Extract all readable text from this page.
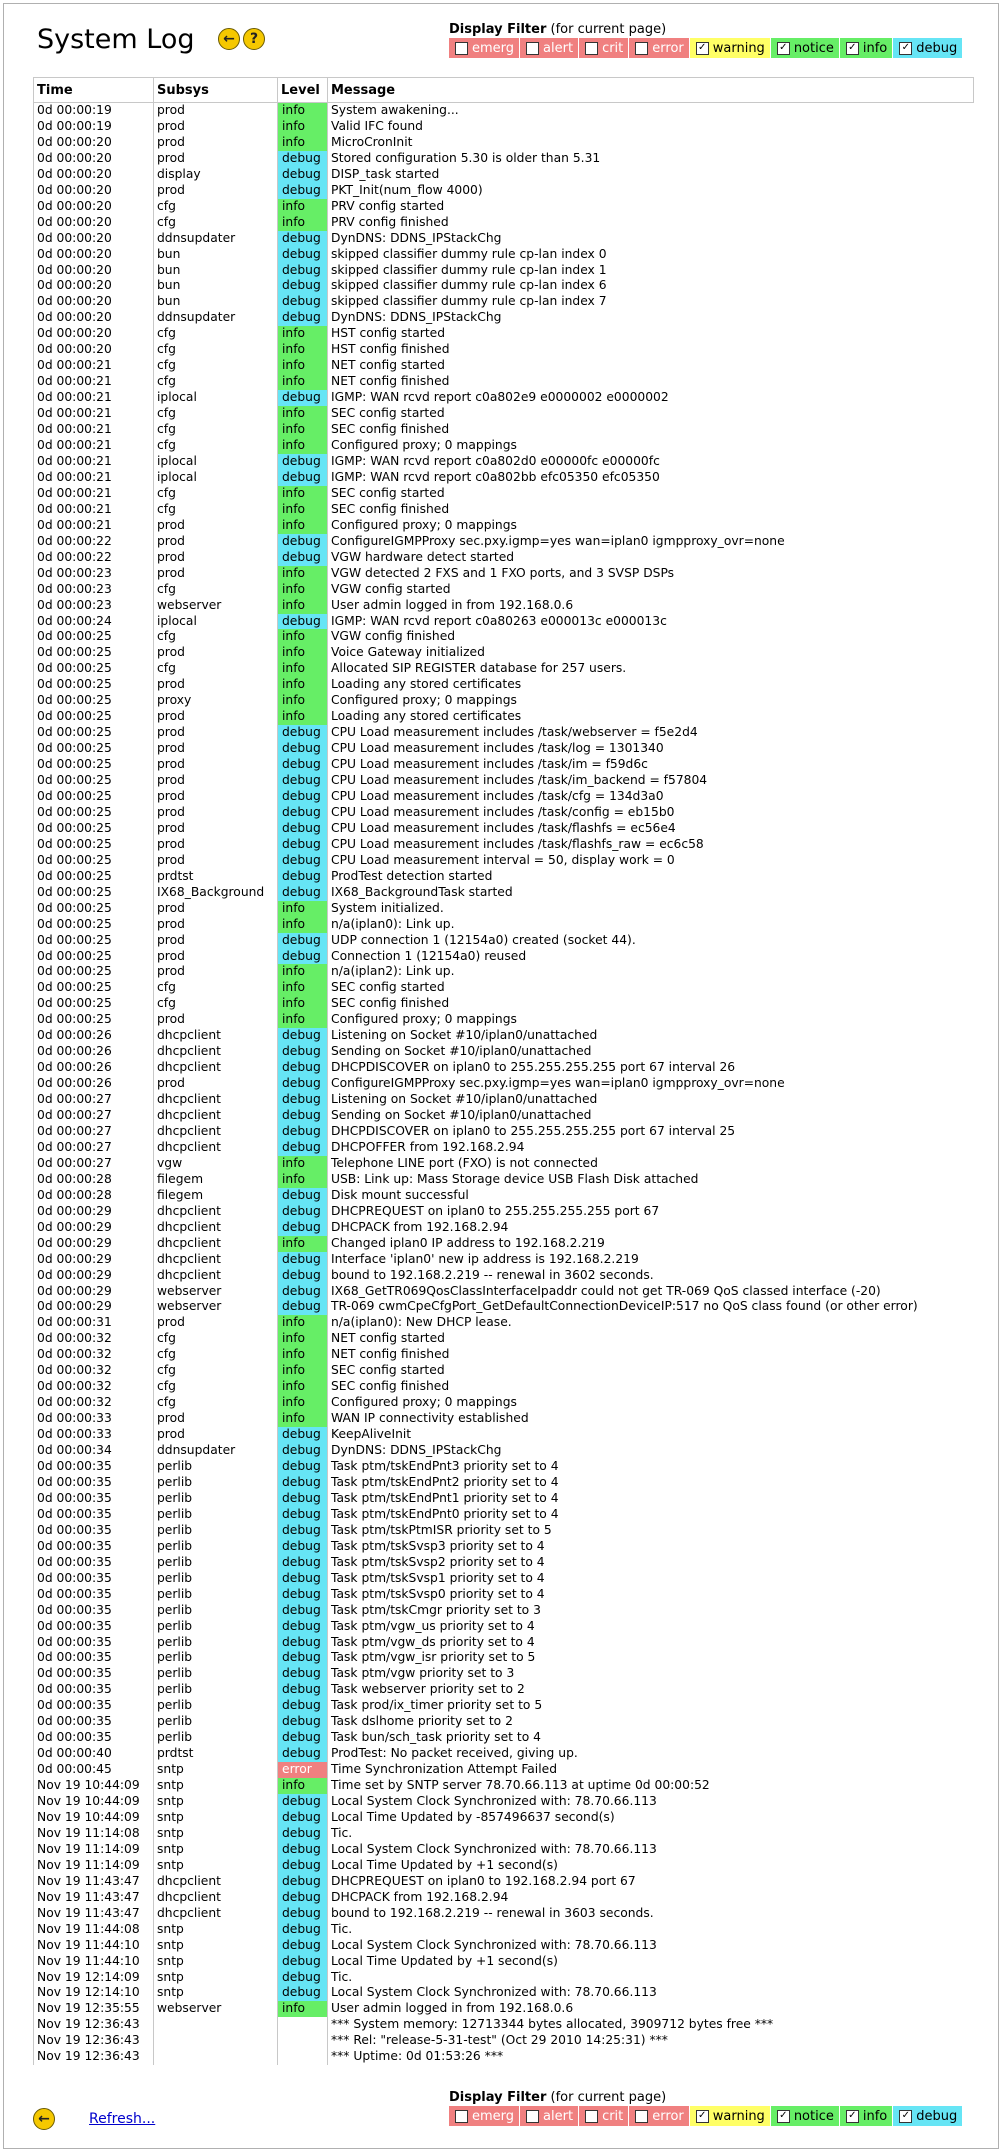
System Log	←	?
Display Filter (for current page)
✓ emerg ✓ alert ✓ crit ✓ error ✓ warning ✓ notice ✓ info ✓ debug
Time	Subsys	Level	Message
0d 00:00:19	prod	info	System awakening...
0d 00:00:19	prod	info	Valid IFC found
0d 00:00:20	prod	info	MicroCronInit
0d 00:00:20	prod	debug	Stored configuration 5.30 is older than 5.31
0d 00:00:20	display	debug	DISP_task started
0d 00:00:20	prod	debug	PKT_Init(num_flow 4000)
0d 00:00:20	cfg	info	PRV config started
0d 00:00:20	cfg	info	PRV config finished
0d 00:00:20	ddnsupdater	debug	DynDNS: DDNS_IPStackChg
0d 00:00:20	bun	debug	skipped classifier dummy rule cp-lan index 0
0d 00:00:20	bun	debug	skipped classifier dummy rule cp-lan index 1
0d 00:00:20	bun	debug	skipped classifier dummy rule cp-lan index 6
0d 00:00:20	bun	debug	skipped classifier dummy rule cp-lan index 7
0d 00:00:20	ddnsupdater	debug	DynDNS: DDNS_IPStackChg
0d 00:00:20	cfg	info	HST config started
0d 00:00:20	cfg	info	HST config finished
0d 00:00:21	cfg	info	NET config started
0d 00:00:21	cfg	info	NET config finished
0d 00:00:21	iplocal	debug	IGMP: WAN rcvd report c0a802e9 e0000002 e0000002
0d 00:00:21	cfg	info	SEC config started
0d 00:00:21	cfg	info	SEC config finished
0d 00:00:21	cfg	info	Configured proxy; 0 mappings
0d 00:00:21	iplocal	debug	IGMP: WAN rcvd report c0a802d0 e00000fc e00000fc
0d 00:00:21	iplocal	debug	IGMP: WAN rcvd report c0a802bb efc05350 efc05350
0d 00:00:21	cfg	info	SEC config started
0d 00:00:21	cfg	info	SEC config finished
0d 00:00:21	prod	info	Configured proxy; 0 mappings
0d 00:00:22	prod	debug	ConfigureIGMPProxy sec.pxy.igmp=yes wan=iplan0 igmpproxy_ovr=none
0d 00:00:22	prod	debug	VGW hardware detect started
0d 00:00:23	prod	info	VGW detected 2 FXS and 1 FXO ports, and 3 SVSP DSPs
0d 00:00:23	cfg	info	VGW config started
0d 00:00:23	webserver	info	User admin logged in from 192.168.0.6
0d 00:00:24	iplocal	debug	IGMP: WAN rcvd report c0a80263 e000013c e000013c
0d 00:00:25	cfg	info	VGW config finished
0d 00:00:25	prod	info	Voice Gateway initialized
0d 00:00:25	cfg	info	Allocated SIP REGISTER database for 257 users.
0d 00:00:25	prod	info	Loading any stored certificates
0d 00:00:25	proxy	info	Configured proxy; 0 mappings
0d 00:00:25	prod	info	Loading any stored certificates
0d 00:00:25	prod	debug	CPU Load measurement includes /task/webserver = f5e2d4
0d 00:00:25	prod	debug	CPU Load measurement includes /task/log = 1301340
0d 00:00:25	prod	debug	CPU Load measurement includes /task/im = f59d6c
0d 00:00:25	prod	debug	CPU Load measurement includes /task/im_backend = f57804
0d 00:00:25	prod	debug	CPU Load measurement includes /task/cfg = 134d3a0
0d 00:00:25	prod	debug	CPU Load measurement includes /task/config = eb15b0
0d 00:00:25	prod	debug	CPU Load measurement includes /task/flashfs = ec56e4
0d 00:00:25	prod	debug	CPU Load measurement includes /task/flashfs_raw = ec6c58
0d 00:00:25	prod	debug	CPU Load measurement interval = 50, display work = 0
0d 00:00:25	prdtst	debug	ProdTest detection started
0d 00:00:25	IX68_Background	debug	IX68_BackgroundTask started
0d 00:00:25	prod	info	System initialized.
0d 00:00:25	prod	info	n/a(iplan0): Link up.
0d 00:00:25	prod	debug	UDP connection 1 (12154a0) created (socket 44).
0d 00:00:25	prod	debug	Connection 1 (12154a0) reused
0d 00:00:25	prod	info	n/a(iplan2): Link up.
0d 00:00:25	cfg	info	SEC config started
0d 00:00:25	cfg	info	SEC config finished
0d 00:00:25	prod	info	Configured proxy; 0 mappings
0d 00:00:26	dhcpclient	debug	Listening on Socket #10/iplan0/unattached
0d 00:00:26	dhcpclient	debug	Sending on Socket #10/iplan0/unattached
0d 00:00:26	dhcpclient	debug	DHCPDISCOVER on iplan0 to 255.255.255.255 port 67 interval 26
0d 00:00:26	prod	debug	ConfigureIGMPProxy sec.pxy.igmp=yes wan=iplan0 igmpproxy_ovr=none
0d 00:00:27	dhcpclient	debug	Listening on Socket #10/iplan0/unattached
0d 00:00:27	dhcpclient	debug	Sending on Socket #10/iplan0/unattached
0d 00:00:27	dhcpclient	debug	DHCPDISCOVER on iplan0 to 255.255.255.255 port 67 interval 25
0d 00:00:27	dhcpclient	debug	DHCPOFFER from 192.168.2.94
0d 00:00:27	vgw	info	Telephone LINE port (FXO) is not connected
0d 00:00:28	filegem	info	USB: Link up: Mass Storage device USB Flash Disk attached
0d 00:00:28	filegem	debug	Disk mount successful
0d 00:00:29	dhcpclient	debug	DHCPREQUEST on iplan0 to 255.255.255.255 port 67
0d 00:00:29	dhcpclient	debug	DHCPACK from 192.168.2.94
0d 00:00:29	dhcpclient	info	Changed iplan0 IP address to 192.168.2.219
0d 00:00:29	dhcpclient	debug	Interface 'iplan0' new ip address is 192.168.2.219
0d 00:00:29	dhcpclient	debug	bound to 192.168.2.219 -- renewal in 3602 seconds.
0d 00:00:29	webserver	debug	IX68_GetTR069QosClassInterfaceIpaddr could not get TR-069 QoS classed interface (-20)
0d 00:00:29	webserver	debug	TR-069 cwmCpeCfgPort_GetDefaultConnectionDeviceIP:517 no QoS class found (or other error)
0d 00:00:31	prod	info	n/a(iplan0): New DHCP lease.
0d 00:00:32	cfg	info	NET config started
0d 00:00:32	cfg	info	NET config finished
0d 00:00:32	cfg	info	SEC config started
0d 00:00:32	cfg	info	SEC config finished
0d 00:00:32	cfg	info	Configured proxy; 0 mappings
0d 00:00:33	prod	info	WAN IP connectivity established
0d 00:00:33	prod	debug	KeepAliveInit
0d 00:00:34	ddnsupdater	debug	DynDNS: DDNS_IPStackChg
0d 00:00:35	perlib	debug	Task ptm/tskEndPnt3 priority set to 4
0d 00:00:35	perlib	debug	Task ptm/tskEndPnt2 priority set to 4
0d 00:00:35	perlib	debug	Task ptm/tskEndPnt1 priority set to 4
0d 00:00:35	perlib	debug	Task ptm/tskEndPnt0 priority set to 4
0d 00:00:35	perlib	debug	Task ptm/tskPtmISR priority set to 5
0d 00:00:35	perlib	debug	Task ptm/tskSvsp3 priority set to 4
0d 00:00:35	perlib	debug	Task ptm/tskSvsp2 priority set to 4
0d 00:00:35	perlib	debug	Task ptm/tskSvsp1 priority set to 4
0d 00:00:35	perlib	debug	Task ptm/tskSvsp0 priority set to 4
0d 00:00:35	perlib	debug	Task ptm/tskCmgr priority set to 3
0d 00:00:35	perlib	debug	Task ptm/vgw_us priority set to 4
0d 00:00:35	perlib	debug	Task ptm/vgw_ds priority set to 4
0d 00:00:35	perlib	debug	Task ptm/vgw_isr priority set to 5
0d 00:00:35	perlib	debug	Task ptm/vgw priority set to 3
0d 00:00:35	perlib	debug	Task webserver priority set to 2
0d 00:00:35	perlib	debug	Task prod/ix_timer priority set to 5
0d 00:00:35	perlib	debug	Task dslhome priority set to 2
0d 00:00:35	perlib	debug	Task bun/sch_task priority set to 4
0d 00:00:40	prdtst	debug	ProdTest: No packet received, giving up.
0d 00:00:45	sntp	error	Time Synchronization Attempt Failed
Nov 19 10:44:09	sntp	info	Time set by SNTP server 78.70.66.113 at uptime 0d 00:00:52
Nov 19 10:44:09	sntp	debug	Local System Clock Synchronized with: 78.70.66.113
Nov 19 10:44:09	sntp	debug	Local Time Updated by -857496637 second(s)
Nov 19 11:14:08	sntp	debug	Tic.
Nov 19 11:14:09	sntp	debug	Local System Clock Synchronized with: 78.70.66.113
Nov 19 11:14:09	sntp	debug	Local Time Updated by +1 second(s)
Nov 19 11:43:47	dhcpclient	debug	DHCPREQUEST on iplan0 to 192.168.2.94 port 67
Nov 19 11:43:47	dhcpclient	debug	DHCPACK from 192.168.2.94
Nov 19 11:43:47	dhcpclient	debug	bound to 192.168.2.219 -- renewal in 3603 seconds.
Nov 19 11:44:08	sntp	debug	Tic.
Nov 19 11:44:10	sntp	debug	Local System Clock Synchronized with: 78.70.66.113
Nov 19 11:44:10	sntp	debug	Local Time Updated by +1 second(s)
Nov 19 12:14:09	sntp	debug	Tic.
Nov 19 12:14:10	sntp	debug	Local System Clock Synchronized with: 78.70.66.113
Nov 19 12:35:55	webserver	info	User admin logged in from 192.168.0.6
Nov 19 12:36:43			*** System memory: 12713344 bytes allocated, 3909712 bytes free ***
Nov 19 12:36:43			*** Rel: "release-5-31-test" (Oct 29 2010 14:25:31) ***
Nov 19 12:36:43			*** Uptime: 0d 01:53:26 ***
←	Refresh...
Display Filter (for current page)
✓ emerg ✓ alert ✓ crit ✓ error ✓ warning ✓ notice ✓ info ✓ debug
